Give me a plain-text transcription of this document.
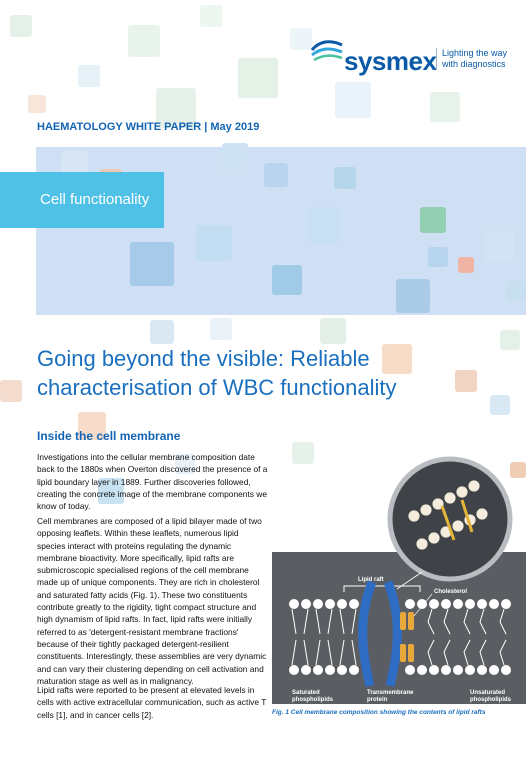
sysmex Lighting the way
with diagnostics
HAEMATOLOGY WHITE PAPER | May 2019
Cell functionality
Going beyond the visible: Reliable
characterisation of WBC functionality
Inside the cell membrane

Investigations into the cellular membrane composition date back to the 1880s when Overton discovered the presence of a lipid boundary layer in 1889. Further discoveries followed, creating the concrete image of the membrane components we know of today.

Cell membranes are composed of a lipid bilayer made of two opposing leaflets. Within these leaflets, numerous lipid species interact with proteins regulating the dynamic membrane bioactivity. More specifically, lipid rafts are submicroscopic specialised regions of the cell membrane made up of unique components. They are rich in cholesterol and saturated fatty acids (Fig. 1). These two constituents contribute greatly to the rigidity, tight compact structure and high dynamism of lipid rafts. In fact, lipid rafts were initially referred to as 'detergent-resistant membrane fractions' because of their tightly packaged detergent-resilient constituents. Interestingly, these assemblies are very dynamic and can vary their clustering depending on cell activation and maturation stage as well as in malignancy.

Lipid rafts were reported to be present at elevated levels in cells with active extracellular communication, such as active T cells [1], and in cancer cells [2].

Lipid raft
Cholesterol
Saturated
phospholipids
Transmembrane
protein
Unsaturated
phospholipids
Fig. 1 Cell membrane composition showing the contents of lipid rafts
